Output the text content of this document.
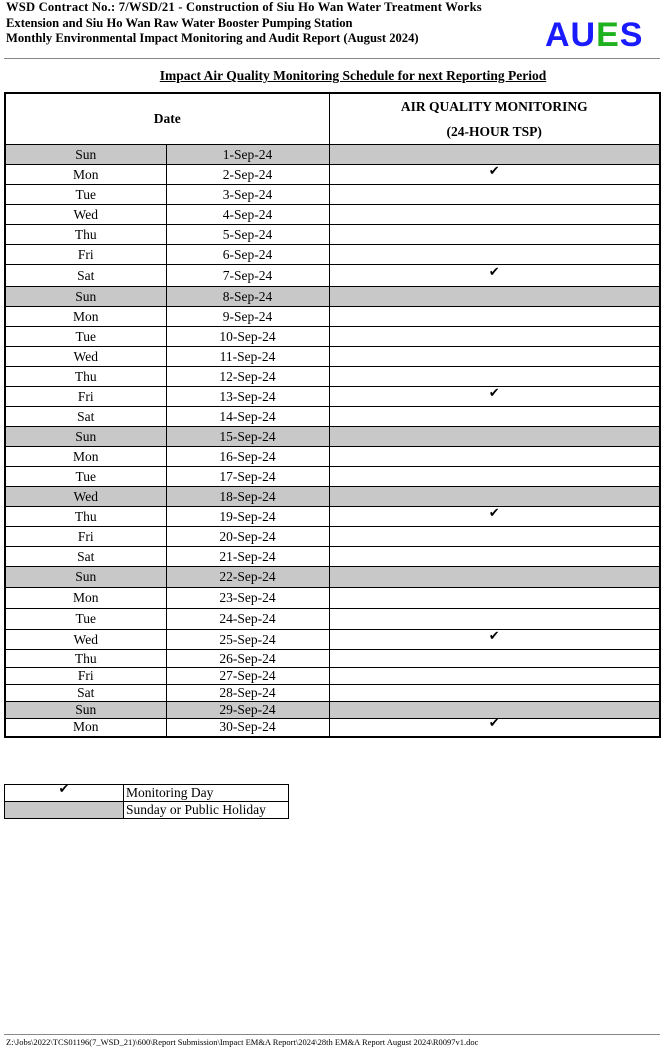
WSD Contract No.: 7/WSD/21 - Construction of Siu Ho Wan Water Treatment Works
Extension and Siu Ho Wan Raw Water Booster Pumping Station
Monthly Environmental Impact Monitoring and Audit Report (August 2024)	AUES
Impact Air Quality Monitoring Schedule for next Reporting Period
Date		AIR QUALITY MONITORING
(24-HOUR TSP)

Sun	1-Sep-24	
Mon	2-Sep-24	✔
Tue	3-Sep-24	
Wed	4-Sep-24	
Thu	5-Sep-24	
Fri	6-Sep-24	
Sat	7-Sep-24	✔
Sun	8-Sep-24	
Mon	9-Sep-24	
Tue	10-Sep-24	
Wed	11-Sep-24	
Thu	12-Sep-24	
Fri	13-Sep-24	✔
Sat	14-Sep-24	
Sun	15-Sep-24	
Mon	16-Sep-24	
Tue	17-Sep-24	
Wed	18-Sep-24	
Thu	19-Sep-24	✔
Fri	20-Sep-24	
Sat	21-Sep-24	
Sun	22-Sep-24	
Mon	23-Sep-24	
Tue	24-Sep-24	
Wed	25-Sep-24	✔
Thu	26-Sep-24	
Fri	27-Sep-24	
Sat	28-Sep-24	
Sun	29-Sep-24	
Mon	30-Sep-24	✔
✔	Monitoring Day
	Sunday or Public Holiday
Z:\Jobs\2022\TCS01196(7_WSD_21)\600\Report Submission\Impact EM&A Report\2024\28th EM&A Report August 2024\R0097v1.doc
